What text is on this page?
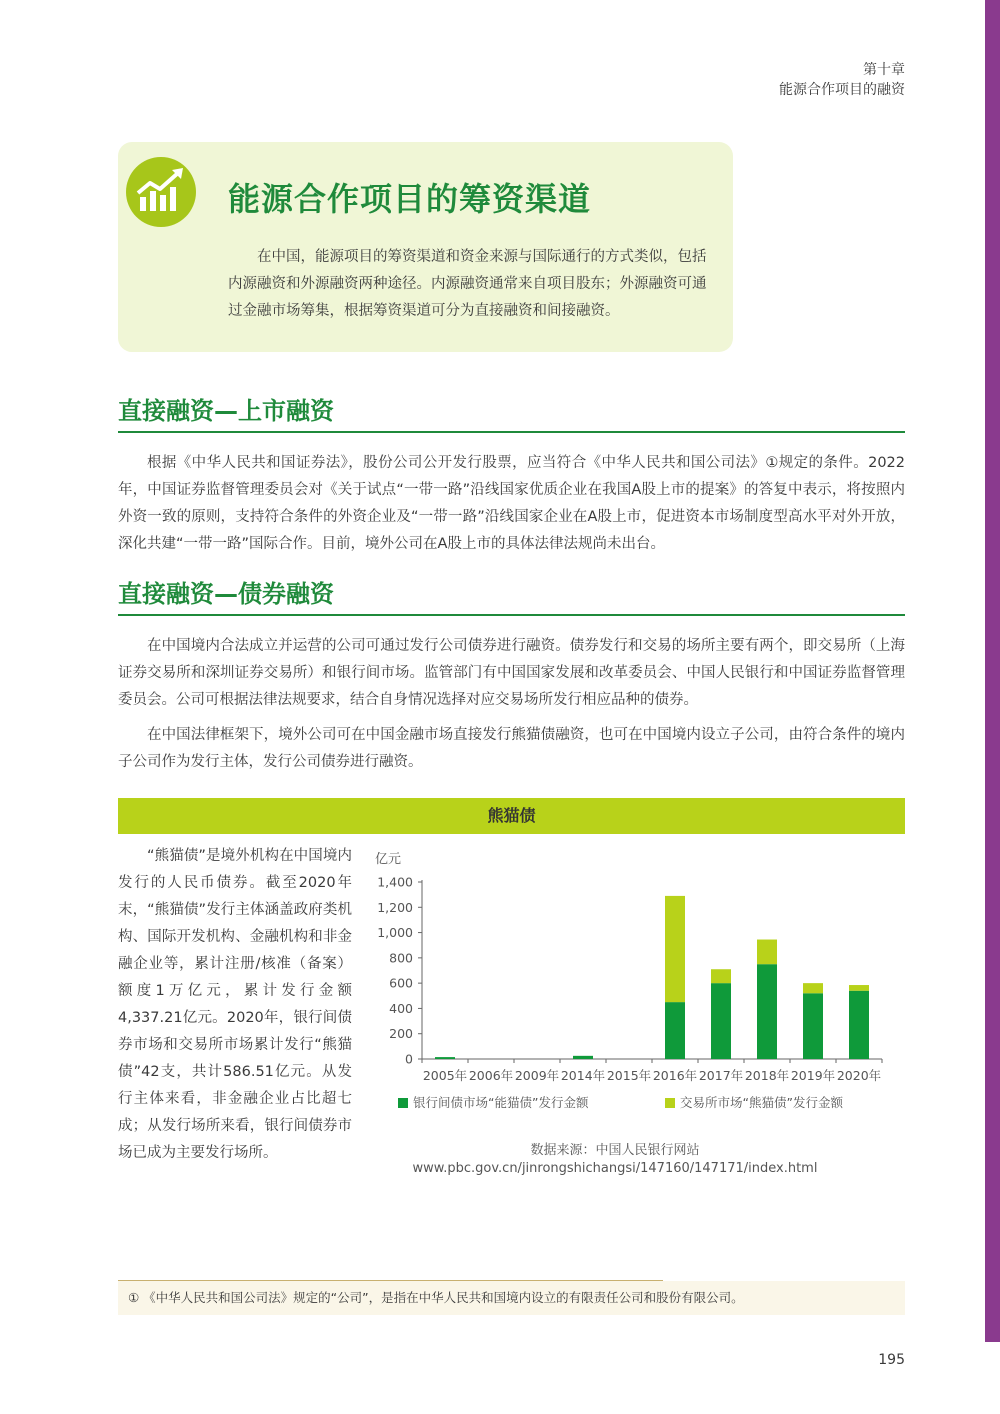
第十章
能源合作项目的融资
能源合作项目的筹资渠道

在中国，能源项目的筹资渠道和资金来源与国际通行的方式类似，包括内源融资和外源融资两种途径。内源融资通常来自项目股东；外源融资可通过金融市场筹集，根据筹资渠道可分为直接融资和间接融资。

直接融资—上市融资

根据《中华人民共和国证券法》，股份公司公开发行股票，应当符合《中华人民共和国公司法》①规定的条件。2022年，中国证券监督管理委员会对《关于试点“一带一路”沿线国家优质企业在我国A股上市的提案》的答复中表示，将按照内外资一致的原则，支持符合条件的外资企业及“一带一路”沿线国家企业在A股上市，促进资本市场制度型高水平对外开放，深化共建“一带一路”国际合作。目前，境外公司在A股上市的具体法律法规尚未出台。

直接融资—债券融资

在中国境内合法成立并运营的公司可通过发行公司债券进行融资。债券发行和交易的场所主要有两个，即交易所（上海证券交易所和深圳证券交易所）和银行间市场。监管部门有中国国家发展和改革委员会、中国人民银行和中国证券监督管理委员会。公司可根据法律法规要求，结合自身情况选择对应交易场所发行相应品种的债券。

在中国法律框架下，境外公司可在中国金融市场直接发行熊猫债融资，也可在中国境内设立子公司，由符合条件的境内子公司作为发行主体，发行公司债券进行融资。

熊猫债

“熊猫债”是境外机构在中国境内发行的人民币债券。截至2020年末，“熊猫债”发行主体涵盖政府类机构、国际开发机构、金融机构和非金融企业等，累计注册/核准（备案）额度1万亿元，累计发行金额4,337.21亿元。2020年，银行间债券市场和交易所市场累计发行“熊猫债”42支，共计586.51亿元。从发行主体来看，非金融企业占比超七成；从发行场所来看，银行间债券市场已成为主要发行场所。

亿元
0
200
400
600
800
1,000
1,200
1,400
2005年 2006年 2009年 2014年 2015年 2016年 2017年 2018年 2019年 2020年
银行间债市场“能猫债”发行金额	交易所市场“熊猫债”发行金额
数据来源：中国人民银行网站
www.pbc.gov.cn/jinrongshichangsi/147160/147171/index.html
① 《中华人民共和国公司法》规定的“公司”，是指在中华人民共和国境内设立的有限责任公司和股份有限公司。
195
